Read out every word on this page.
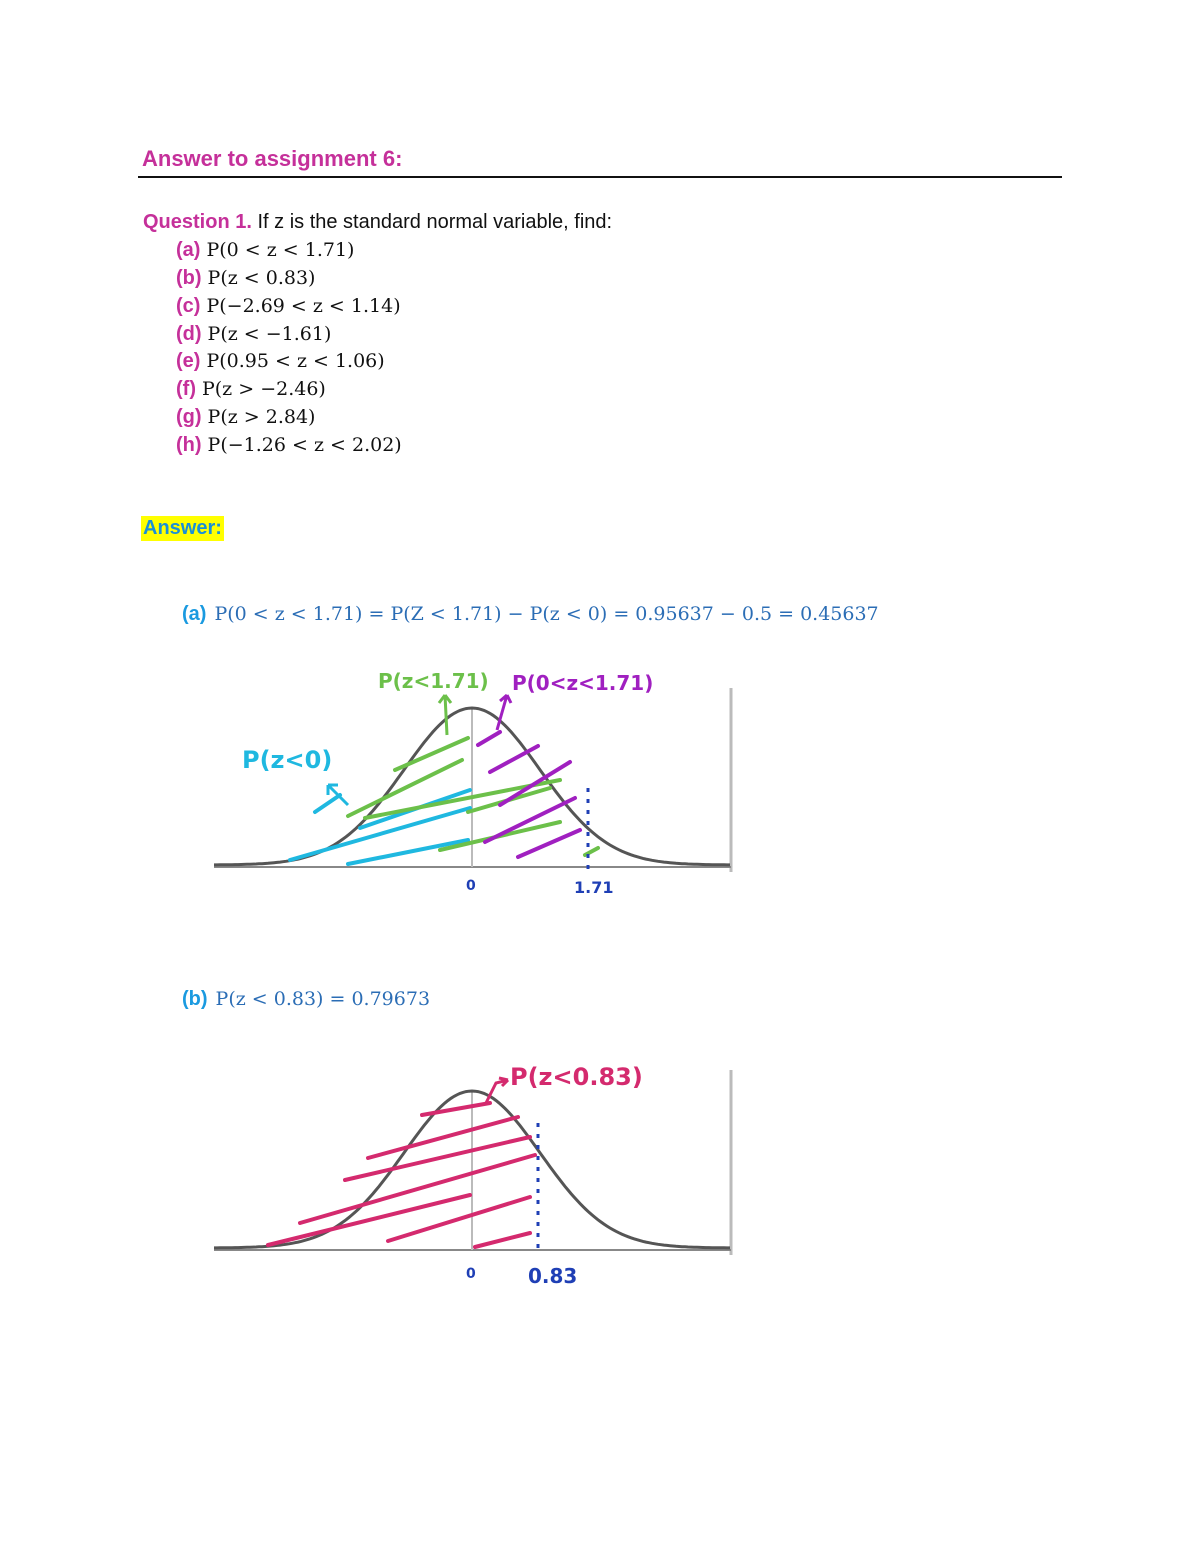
Answer to assignment 6:
Question 1. If z is the standard normal variable, find:
(a) P(0 < z < 1.71)
(b) P(z < 0.83)
(c) P(−2.69 < z < 1.14)
(d) P(z < −1.61)
(e) P(0.95 < z < 1.06)
(f) P(z > −2.46)
(g) P(z > 2.84)
(h) P(−1.26 < z < 2.02)
Answer:
(a) P(0 < z < 1.71) = P(Z < 1.71) − P(z < 0) = 0.95637 − 0.5 = 0.45637
P(z<0)
P(z<1.71) P(0<z<1.71)
0	1.71
(b) P(z < 0.83) = 0.79673
P(z<0.83)
0	0.83
